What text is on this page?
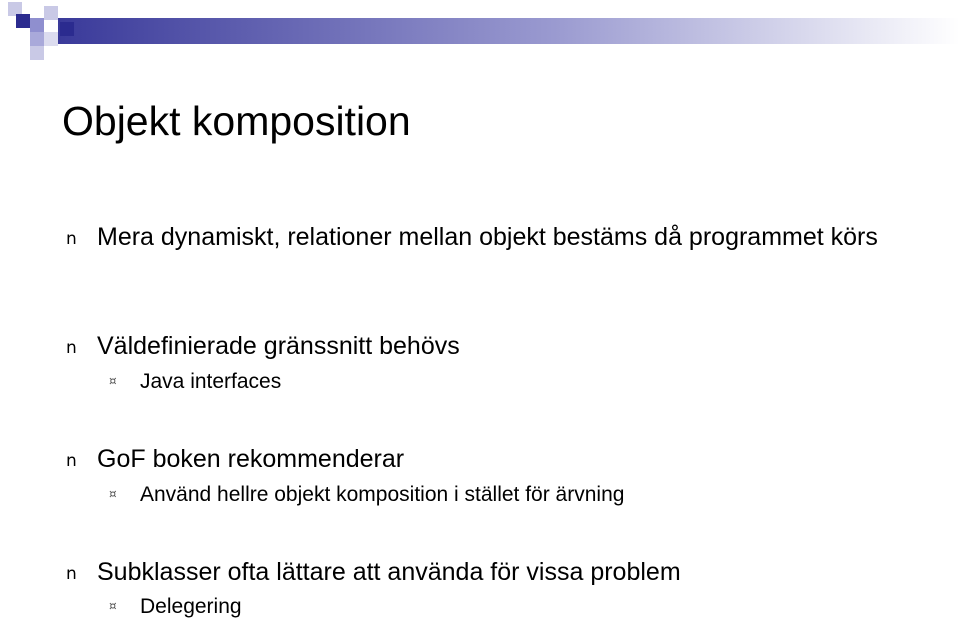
Objekt komposition
n Mera dynamiskt, relationer mellan objekt bestäms då programmet körs
n Väldefinierade gränssnitt behövs
¤ Java interfaces
n GoF boken rekommenderar
¤ Använd hellre objekt komposition i stället för ärvning
n Subklasser ofta lättare att använda för vissa problem
¤ Delegering
